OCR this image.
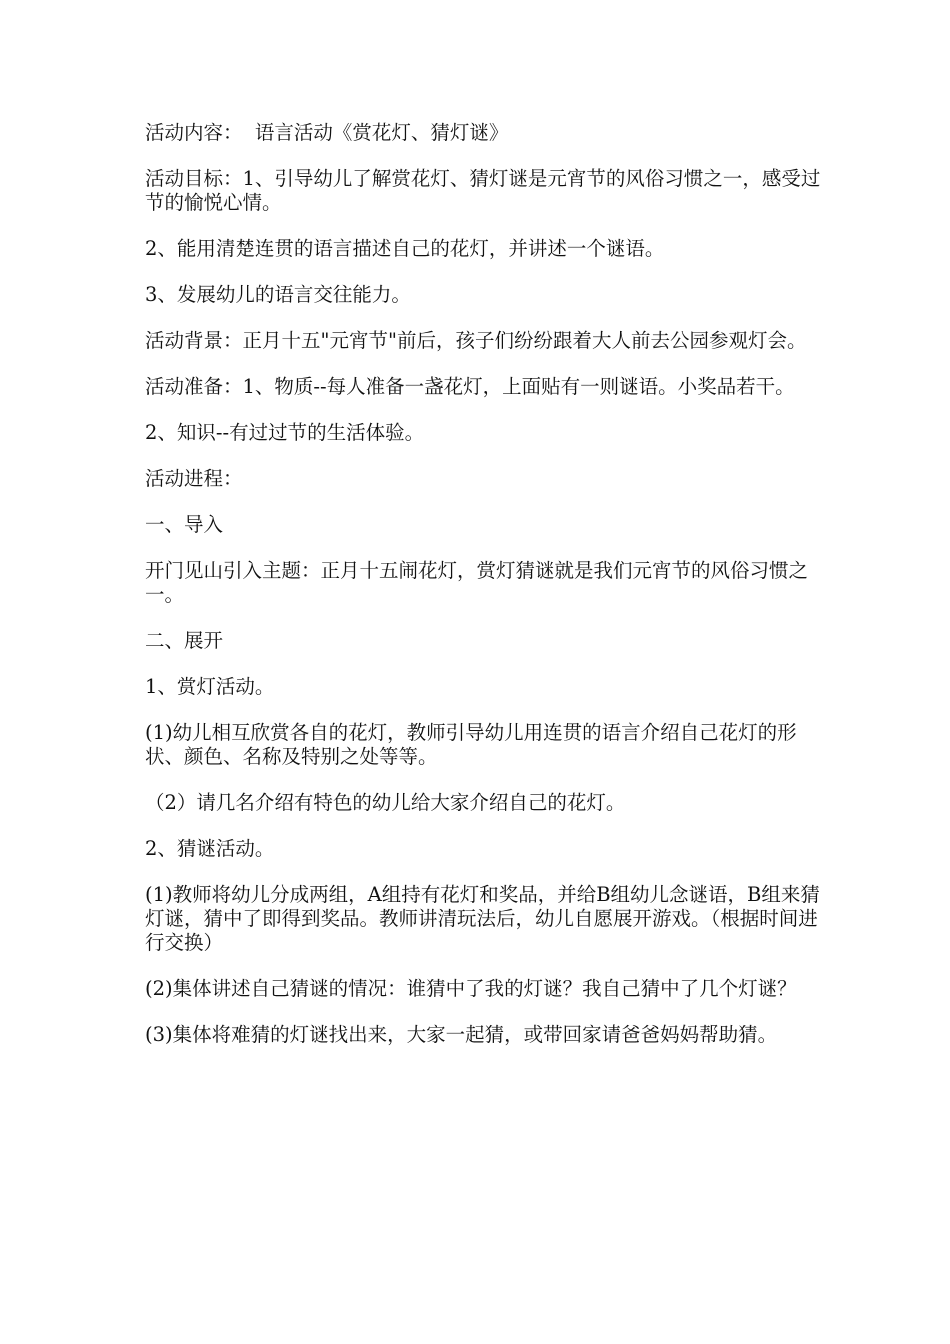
活动内容：  语言活动《赏花灯、猜灯谜》

活动目标：1、引导幼儿了解赏花灯、猜灯谜是元宵节的风俗习惯之一，感受过节的愉悦心情。

2、能用清楚连贯的语言描述自己的花灯，并讲述一个谜语。

3、发展幼儿的语言交往能力。

活动背景：正月十五"元宵节"前后，孩子们纷纷跟着大人前去公园参观灯会。

活动准备：1、物质--每人准备一盏花灯，上面贴有一则谜语。小奖品若干。

2、知识--有过过节的生活体验。

活动进程：

一、导入

开门见山引入主题：正月十五闹花灯，赏灯猜谜就是我们元宵节的风俗习惯之一。

二、展开

1、赏灯活动。

(1)幼儿相互欣赏各自的花灯，教师引导幼儿用连贯的语言介绍自己花灯的形状、颜色、名称及特别之处等等。

（2）请几名介绍有特色的幼儿给大家介绍自己的花灯。

2、猜谜活动。

(1)教师将幼儿分成两组，A组持有花灯和奖品，并给B组幼儿念谜语，B组来猜灯谜，猜中了即得到奖品。教师讲清玩法后，幼儿自愿展开游戏。（根据时间进行交换）

(2)集体讲述自己猜谜的情况：谁猜中了我的灯谜？我自己猜中了几个灯谜？

(3)集体将难猜的灯谜找出来，大家一起猜，或带回家请爸爸妈妈帮助猜。
